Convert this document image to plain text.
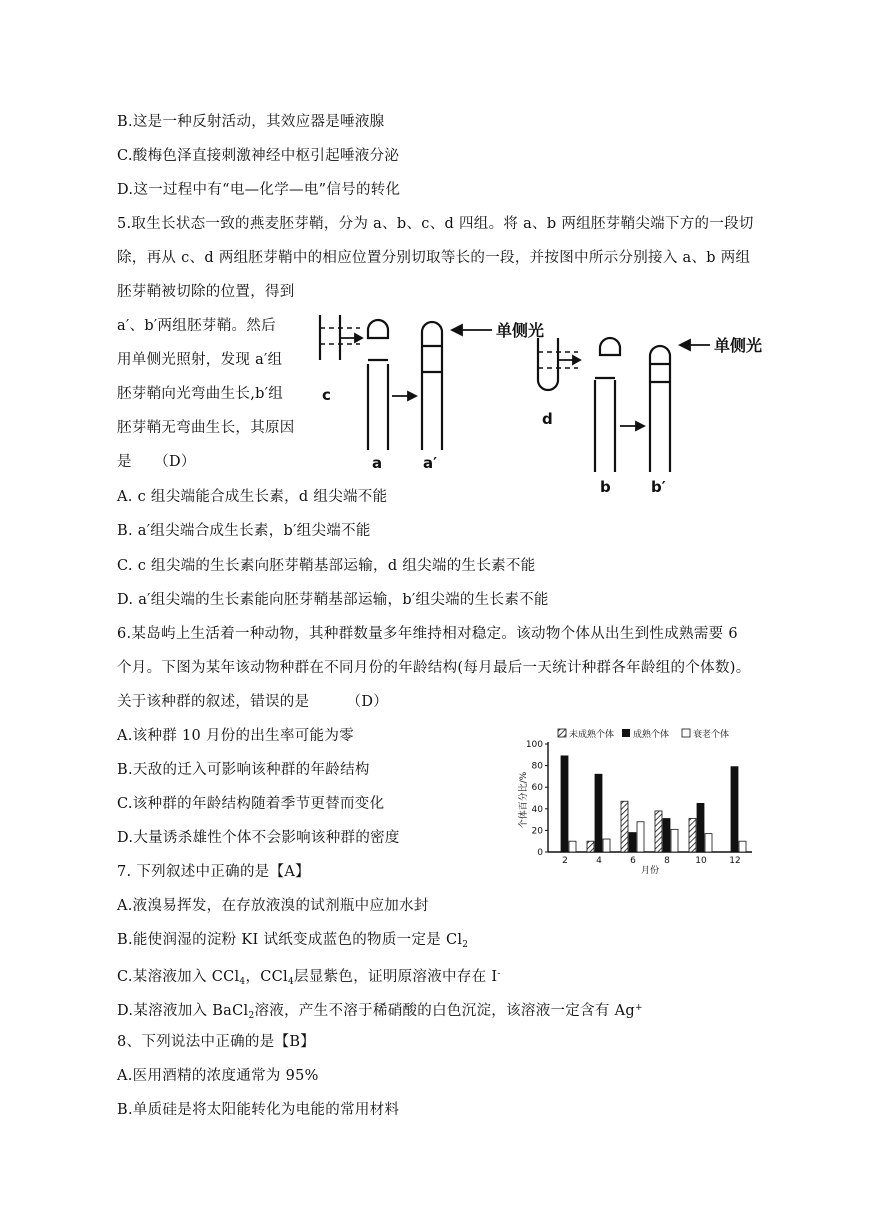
B.这是一种反射活动，其效应器是唾液腺
C.酸梅色泽直接刺激神经中枢引起唾液分泌
D.这一过程中有“电—化学—电”信号的转化
5.取生长状态一致的燕麦胚芽鞘，分为 a、b、c、d 四组。将 a、b 两组胚芽鞘尖端下方的一段切
除，再从 c、d 两组胚芽鞘中的相应位置分别切取等长的一段，并按图中所示分别接入 a、b 两组
胚芽鞘被切除的位置，得到
a′、b′两组胚芽鞘。然后
用单侧光照射，发现 a′组
胚芽鞘向光弯曲生长,b′组
胚芽鞘无弯曲生长，其原因
是　　（D）
A. c 组尖端能合成生长素，d 组尖端不能
B. a′组尖端合成生长素，b′组尖端不能
C. c 组尖端的生长素向胚芽鞘基部运输，d 组尖端的生长素不能
D. a′组尖端的生长素能向胚芽鞘基部运输，b′组尖端的生长素不能
6.某岛屿上生活着一种动物，其种群数量多年维持相对稳定。该动物个体从出生到性成熟需要 6
个月。下图为某年该动物种群在不同月份的年龄结构(每月最后一天统计种群各年龄组的个体数)。
关于该种群的叙述，错误的是　　　（D）
A.该种群 10 月份的出生率可能为零
B.天敌的迁入可影响该种群的年龄结构
C.该种群的年龄结构随着季节更替而变化
D.大量诱杀雄性个体不会影响该种群的密度
7. 下列叙述中正确的是【A】
A.液溴易挥发，在存放液溴的试剂瓶中应加水封
B.能使润湿的淀粉 KI 试纸变成蓝色的物质一定是 $Cl_2$
C.某溶液加入 CCl$_4$，CCl$_4$层显紫色，证明原溶液中存在 I-
D.某溶液加入 BaCl$_2$溶液，产生不溶于稀硝酸的白色沉淀，该溶液一定含有 Ag+
8、下列说法中正确的是【B】
A.医用酒精的浓度通常为 95%
B.单质硅是将太阳能转化为电能的常用材料
单侧光
单侧光
c
a	a′
d
b	b′
未成熟个体 成熟个体	衰老个体
0
20
40
60
80
100
2	4	6	8	10	12
个体百分比/%
月份
